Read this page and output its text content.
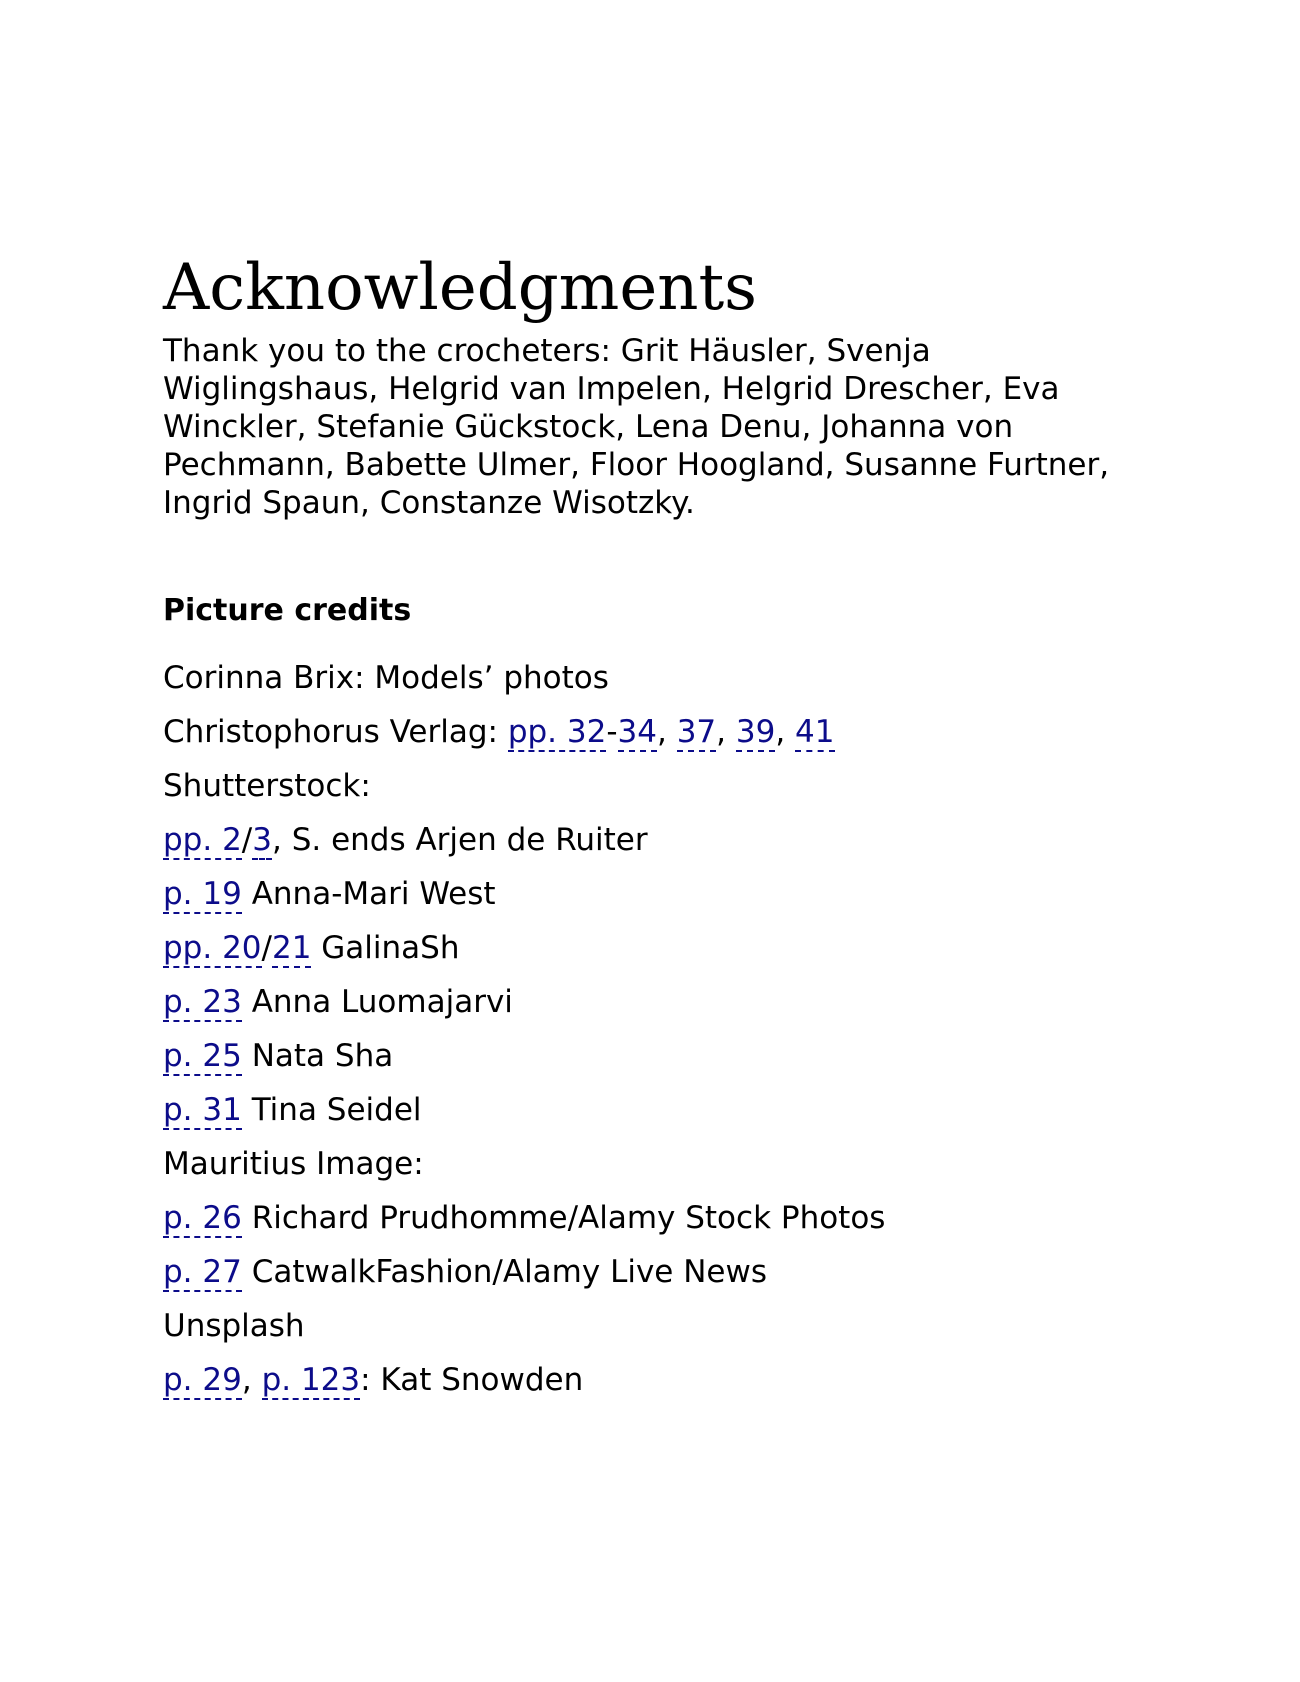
Acknowledgments

Thank you to the crocheters: Grit Häusler, Svenja Wiglingshaus, Helgrid van Impelen, Helgrid Drescher, Eva Winckler, Stefanie Gückstock, Lena Denu, Johanna von Pechmann, Babette Ulmer, Floor Hoogland, Susanne Furtner, Ingrid Spaun, Constanze Wisotzky.

Picture credits
Corinna Brix: Models’ photos
Christophorus Verlag: pp. 32-34, 37, 39, 41
Shutterstock:
pp. 2/3, S. ends Arjen de Ruiter
p. 19 Anna-Mari West
pp. 20/21 GalinaSh
p. 23 Anna Luomajarvi
p. 25 Nata Sha
p. 31 Tina Seidel
Mauritius Image:
p. 26 Richard Prudhomme/Alamy Stock Photos
p. 27 CatwalkFashion/Alamy Live News
Unsplash
p. 29, p. 123: Kat Snowden
